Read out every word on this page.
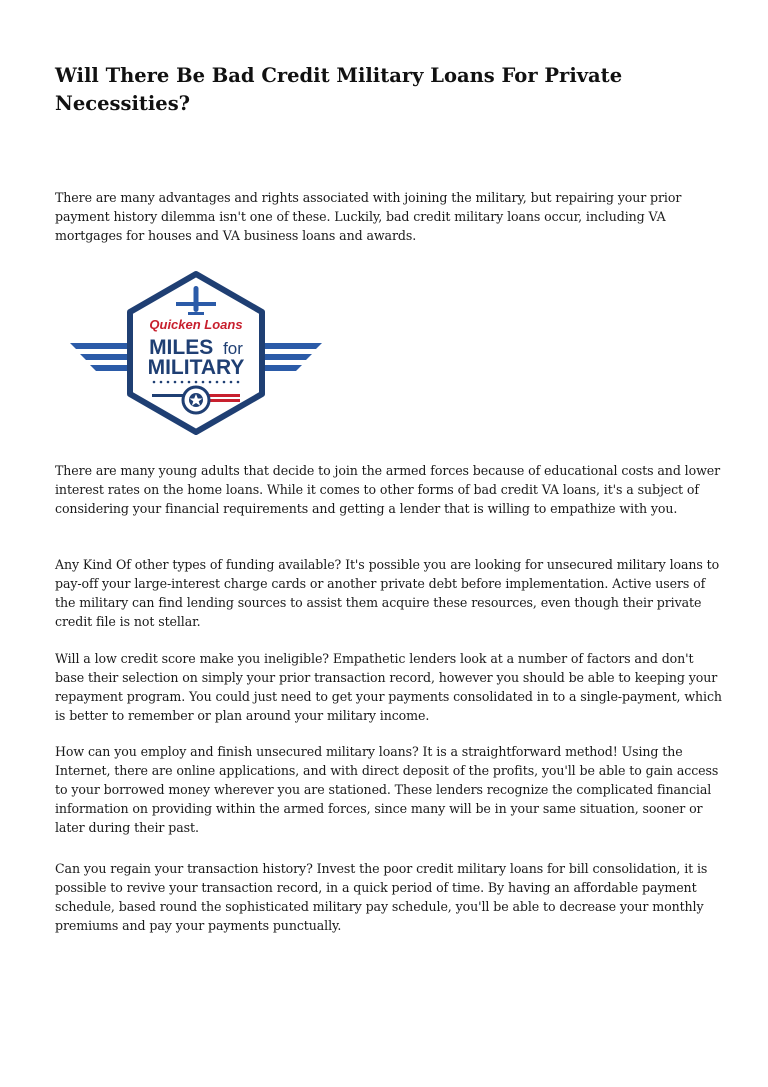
Will There Be Bad Credit Military Loans For Private Necessities?

There are many advantages and rights associated with joining the military, but repairing your prior payment history dilemma isn't one of these. Luckily, bad credit military loans occur, including VA mortgages for houses and VA business loans and awards.

Quicken Loans
MILES for
MILITARY

There are many young adults that decide to join the armed forces because of educational costs and lower interest rates on the home loans. While it comes to other forms of bad credit VA loans, it's a subject of considering your financial requirements and getting a lender that is willing to empathize with you.

Any Kind Of other types of funding available? It's possible you are looking for unsecured military loans to pay-off your large-interest charge cards or another private debt before implementation. Active users of the military can find lending sources to assist them acquire these resources, even though their private credit file is not stellar.

Will a low credit score make you ineligible? Empathetic lenders look at a number of factors and don't base their selection on simply your prior transaction record, however you should be able to keeping your repayment program. You could just need to get your payments consolidated in to a single-payment, which is better to remember or plan around your military income.

How can you employ and finish unsecured military loans? It is a straightforward method! Using the Internet, there are online applications, and with direct deposit of the profits, you'll be able to gain access to your borrowed money wherever you are stationed. These lenders recognize the complicated financial information on providing within the armed forces, since many will be in your same situation, sooner or later during their past.

Can you regain your transaction history? Invest the poor credit military loans for bill consolidation, it is possible to revive your transaction record, in a quick period of time. By having an affordable payment schedule, based round the sophisticated military pay schedule, you'll be able to decrease your monthly premiums and pay your payments punctually.
